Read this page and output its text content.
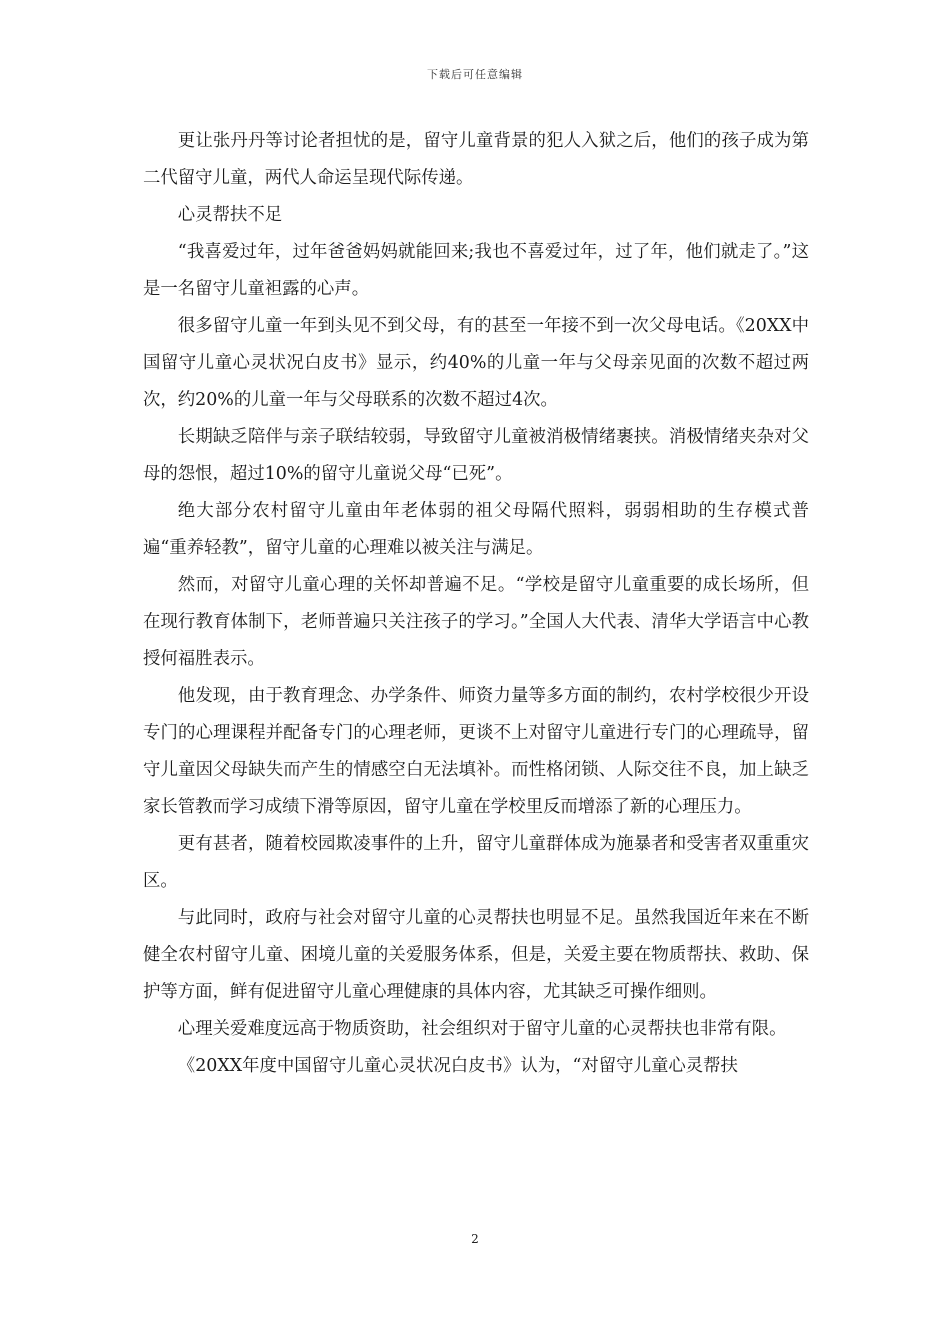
下载后可任意编辑

更让张丹丹等讨论者担忧的是，留守儿童背景的犯人入狱之后，他们的孩子成为第二代留守儿童，两代人命运呈现代际传递。

心灵帮扶不足

“我喜爱过年，过年爸爸妈妈就能回来;我也不喜爱过年，过了年，他们就走了。”这是一名留守儿童袒露的心声。

很多留守儿童一年到头见不到父母，有的甚至一年接不到一次父母电话。《20XX中国留守儿童心灵状况白皮书》显示，约40%的儿童一年与父母亲见面的次数不超过两次，约20%的儿童一年与父母联系的次数不超过4次。

长期缺乏陪伴与亲子联结较弱，导致留守儿童被消极情绪裹挟。消极情绪夹杂对父母的怨恨，超过10%的留守儿童说父母“已死”。

绝大部分农村留守儿童由年老体弱的祖父母隔代照料，弱弱相助的生存模式普遍“重养轻教”，留守儿童的心理难以被关注与满足。

然而，对留守儿童心理的关怀却普遍不足。“学校是留守儿童重要的成长场所，但在现行教育体制下，老师普遍只关注孩子的学习。”全国人大代表、清华大学语言中心教授何福胜表示。

他发现，由于教育理念、办学条件、师资力量等多方面的制约，农村学校很少开设专门的心理课程并配备专门的心理老师，更谈不上对留守儿童进行专门的心理疏导，留守儿童因父母缺失而产生的情感空白无法填补。而性格闭锁、人际交往不良，加上缺乏家长管教而学习成绩下滑等原因，留守儿童在学校里反而增添了新的心理压力。

更有甚者，随着校园欺凌事件的上升，留守儿童群体成为施暴者和受害者双重重灾区。

与此同时，政府与社会对留守儿童的心灵帮扶也明显不足。虽然我国近年来在不断健全农村留守儿童、困境儿童的关爱服务体系，但是，关爱主要在物质帮扶、救助、保护等方面，鲜有促进留守儿童心理健康的具体内容，尤其缺乏可操作细则。

心理关爱难度远高于物质资助，社会组织对于留守儿童的心灵帮扶也非常有限。

《20XX年度中国留守儿童心灵状况白皮书》认为，“对留守儿童心灵帮扶

2
